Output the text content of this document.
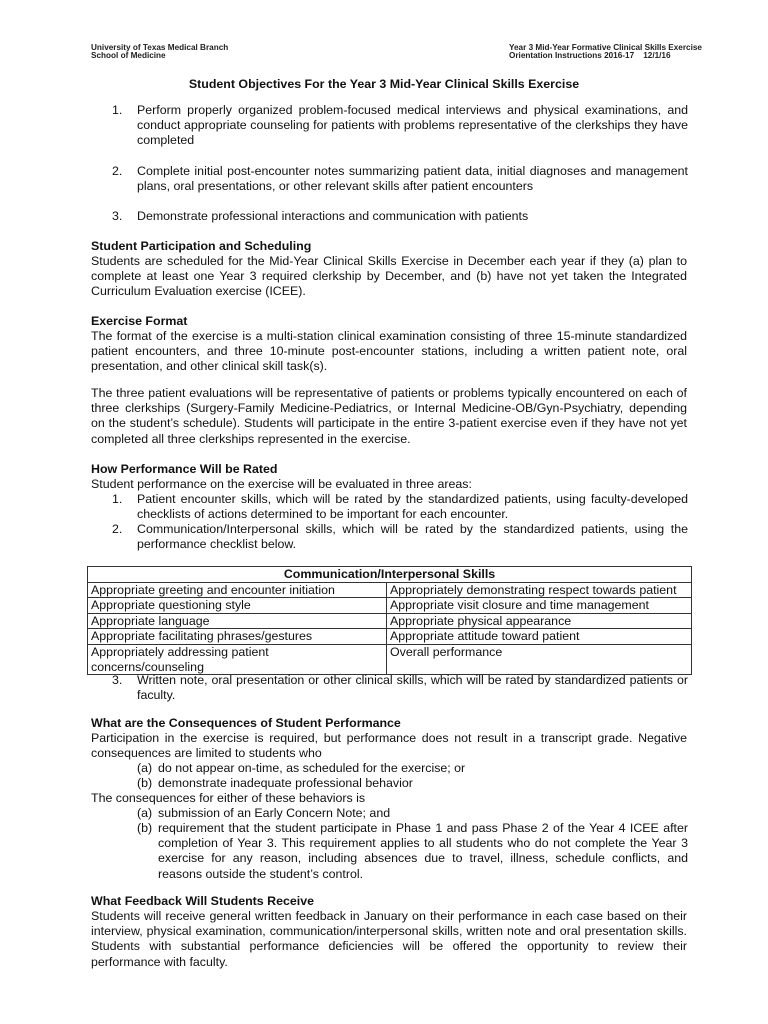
University of Texas Medical Branch
School of Medicine
Year 3 Mid-Year Formative Clinical Skills Exercise
Orientation Instructions 2016-17    12/1/16
Student Objectives For the Year 3 Mid-Year Clinical Skills Exercise
1.	Perform properly organized problem-focused medical interviews and physical examinations, and conduct appropriate counseling for patients with problems representative of the clerkships they have completed
2.	Complete initial post-encounter notes summarizing patient data, initial diagnoses and management plans, oral presentations, or other relevant skills after patient encounters
3.	Demonstrate professional interactions and communication with patients
Student Participation and Scheduling
Students are scheduled for the Mid-Year Clinical Skills Exercise in December each year if they (a) plan to complete at least one Year 3 required clerkship by December, and (b) have not yet taken the Integrated Curriculum Evaluation exercise (ICEE).
Exercise Format
The format of the exercise is a multi-station clinical examination consisting of three 15-minute standardized patient encounters, and three 10-minute post-encounter stations, including a written patient note, oral presentation, and other clinical skill task(s).
The three patient evaluations will be representative of patients or problems typically encountered on each of three clerkships (Surgery-Family Medicine-Pediatrics, or Internal Medicine-OB/Gyn-Psychiatry, depending on the student’s schedule). Students will participate in the entire 3-patient exercise even if they have not yet completed all three clerkships represented in the exercise.
How Performance Will be Rated
Student performance on the exercise will be evaluated in three areas:
1.	Patient encounter skills, which will be rated by the standardized patients, using faculty-developed checklists of actions determined to be important for each encounter.
2.	Communication/Interpersonal skills, which will be rated by the standardized patients, using the performance checklist below.
Communication/Interpersonal Skills	
Appropriate greeting and encounter initiation	Appropriately demonstrating respect towards patient
Appropriate questioning style	Appropriate visit closure and time management
Appropriate language	Appropriate physical appearance
Appropriate facilitating phrases/gestures	Appropriate attitude toward patient
Appropriately addressing patient concerns/counseling	Overall performance
3.	Written note, oral presentation or other clinical skills, which will be rated by standardized patients or faculty.
What are the Consequences of Student Performance
Participation in the exercise is required, but performance does not result in a transcript grade. Negative consequences are limited to students who
(a) do not appear on-time, as scheduled for the exercise; or
(b) demonstrate inadequate professional behavior
The consequences for either of these behaviors is
(a) submission of an Early Concern Note; and
(b) requirement that the student participate in Phase 1 and pass Phase 2 of the Year 4 ICEE after completion of Year 3. This requirement applies to all students who do not complete the Year 3 exercise for any reason, including absences due to travel, illness, schedule conflicts, and reasons outside the student’s control.
What Feedback Will Students Receive
Students will receive general written feedback in January on their performance in each case based on their interview, physical examination, communication/interpersonal skills, written note and oral presentation skills. Students with substantial performance deficiencies will be offered the opportunity to review their performance with faculty.
